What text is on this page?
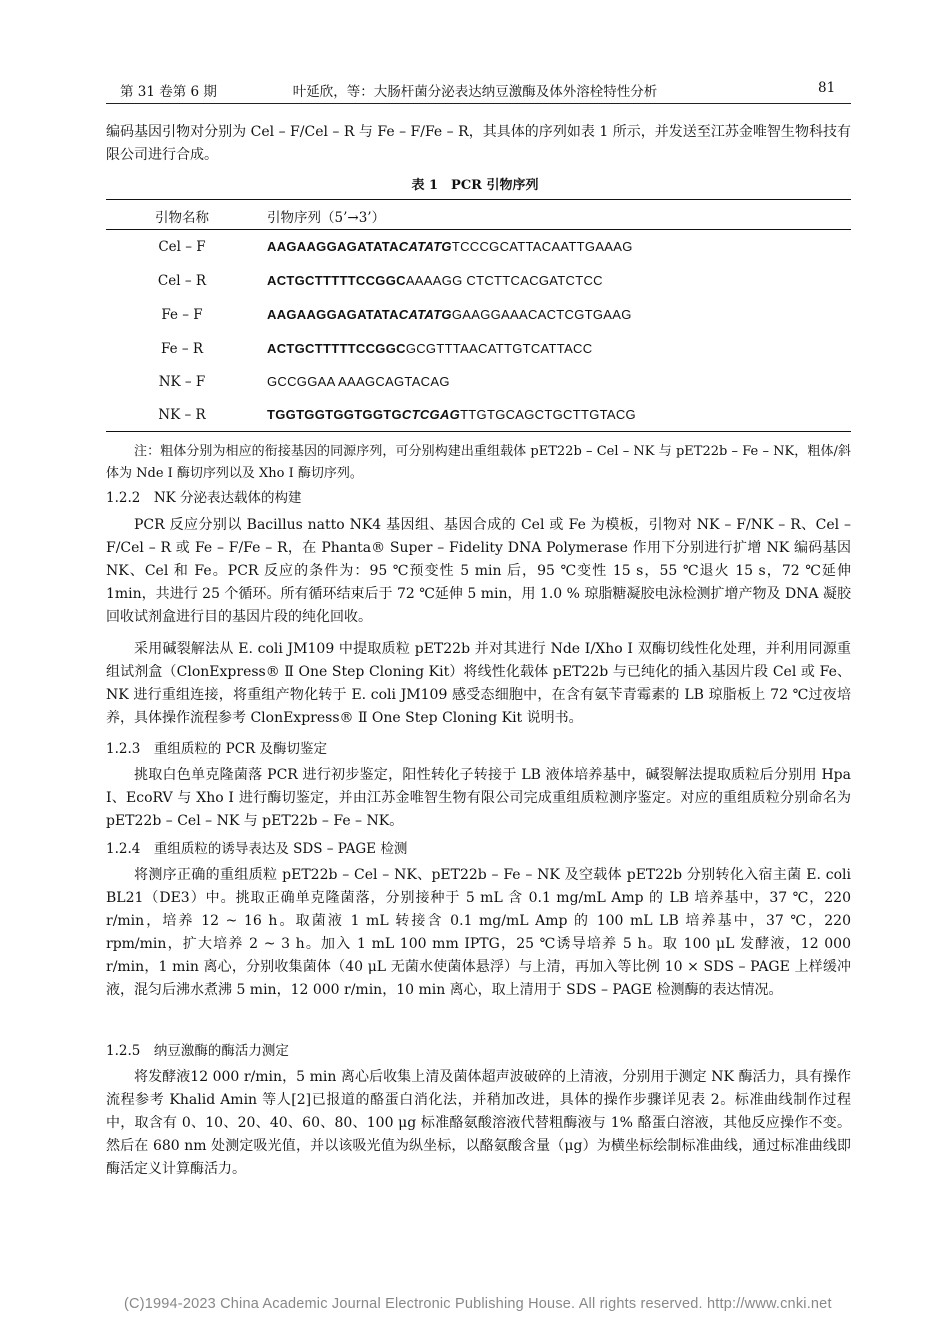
第 31 卷第 6 期	叶延欣，等：大肠杆菌分泌表达纳豆激酶及体外溶栓特性分析	81
编码基因引物对分别为 Cel – F/Cel – R 与 Fe – F/Fe – R，其具体的序列如表 1 所示，并发送至江苏金唯智生物科技有限公司进行合成。
表 1　PCR 引物序列
引物名称	引物序列（5’→3’）
Cel – F	AAGAAGGAGATATACATATGTCCCGCATTACAATTGAAAG
Cel – R	ACTGCTTTTTCCGGCAAAAGG CTCTTCACGATCTCC
Fe – F	AAGAAGGAGATATACATATGGAAGGAAACACTCGTGAAG
Fe – R	ACTGCTTTTTCCGGCGCGTTTAACATTGTCATTACC
NK – F	GCCGGAA AAAGCAGTACAG
NK – R	TGGTGGTGGTGGTGCTCGAGTTGTGCAGCTGCTTGTACG
注：粗体分别为相应的衔接基因的同源序列，可分别构建出重组载体 pET22b – Cel – NK 与 pET22b – Fe – NK，粗体/斜体为 Nde Ⅰ 酶切序列以及 Xho Ⅰ 酶切序列。
1.2.2　NK 分泌表达载体的构建
PCR 反应分别以 Bacillus natto NK4 基因组、基因合成的 Cel 或 Fe 为模板，引物对 NK – F/NK – R、Cel – F/Cel – R 或 Fe – F/Fe – R，在 Phanta® Super – Fidelity DNA Polymerase 作用下分别进行扩增 NK 编码基因 NK、Cel 和 Fe。PCR 反应的条件为：95 ℃预变性 5 min 后，95 ℃变性 15 s，55 ℃退火 15 s，72 ℃延伸 1min，共进行 25 个循环。所有循环结束后于 72 ℃延伸 5 min，用 1.0 % 琼脂糖凝胶电泳检测扩增产物及 DNA 凝胶回收试剂盒进行目的基因片段的纯化回收。
采用碱裂解法从 E. coli JM109 中提取质粒 pET22b 并对其进行 Nde Ⅰ/Xho Ⅰ 双酶切线性化处理，并利用同源重组试剂盒（ClonExpress® Ⅱ One Step Cloning Kit）将线性化载体 pET22b 与已纯化的插入基因片段 Cel 或 Fe、NK 进行重组连接，将重组产物化转于 E. coli JM109 感受态细胞中，在含有氨苄青霉素的 LB 琼脂板上 72 ℃过夜培养，具体操作流程参考 ClonExpress® Ⅱ One Step Cloning Kit 说明书。
1.2.3　重组质粒的 PCR 及酶切鉴定
挑取白色单克隆菌落 PCR 进行初步鉴定，阳性转化子转接于 LB 液体培养基中，碱裂解法提取质粒后分别用 Hpa Ⅰ、EcoRV 与 Xho Ⅰ 进行酶切鉴定，并由江苏金唯智生物有限公司完成重组质粒测序鉴定。对应的重组质粒分别命名为 pET22b – Cel – NK 与 pET22b – Fe – NK。
1.2.4　重组质粒的诱导表达及 SDS – PAGE 检测
将测序正确的重组质粒 pET22b – Cel – NK、pET22b – Fe – NK 及空载体 pET22b 分别转化入宿主菌 E. coli BL21（DE3）中。挑取正确单克隆菌落，分别接种于 5 mL 含 0.1 mg/mL Amp 的 LB 培养基中，37 ℃，220 r/min，培养 12 ~ 16 h。取菌液 1 mL 转接含 0.1 mg/mL Amp 的 100 mL LB 培养基中，37 ℃，220 rpm/min，扩大培养 2 ~ 3 h。加入 1 mL 100 mm IPTG，25 ℃诱导培养 5 h。取 100 μL 发酵液，12 000 r/min，1 min 离心，分别收集菌体（40 μL 无菌水使菌体悬浮）与上清，再加入等比例 10 × SDS – PAGE 上样缓冲液，混匀后沸水煮沸 5 min，12 000 r/min，10 min 离心，取上清用于 SDS – PAGE 检测酶的表达情况。
1.2.5　纳豆激酶的酶活力测定
将发酵液12 000 r/min，5 min 离心后收集上清及菌体超声波破碎的上清液，分别用于测定 NK 酶活力，具有操作流程参考 Khalid Amin 等人[2]已报道的酪蛋白消化法，并稍加改进，具体的操作步骤详见表 2。标准曲线制作过程中，取含有 0、10、20、40、60、80、100 μg 标准酪氨酸溶液代替粗酶液与 1% 酪蛋白溶液，其他反应操作不变。然后在 680 nm 处测定吸光值，并以该吸光值为纵坐标，以酪氨酸含量（μg）为横坐标绘制标准曲线，通过标准曲线即酶活定义计算酶活力。
(C)1994-2023 China Academic Journal Electronic Publishing House. All rights reserved. http://www.cnki.net
